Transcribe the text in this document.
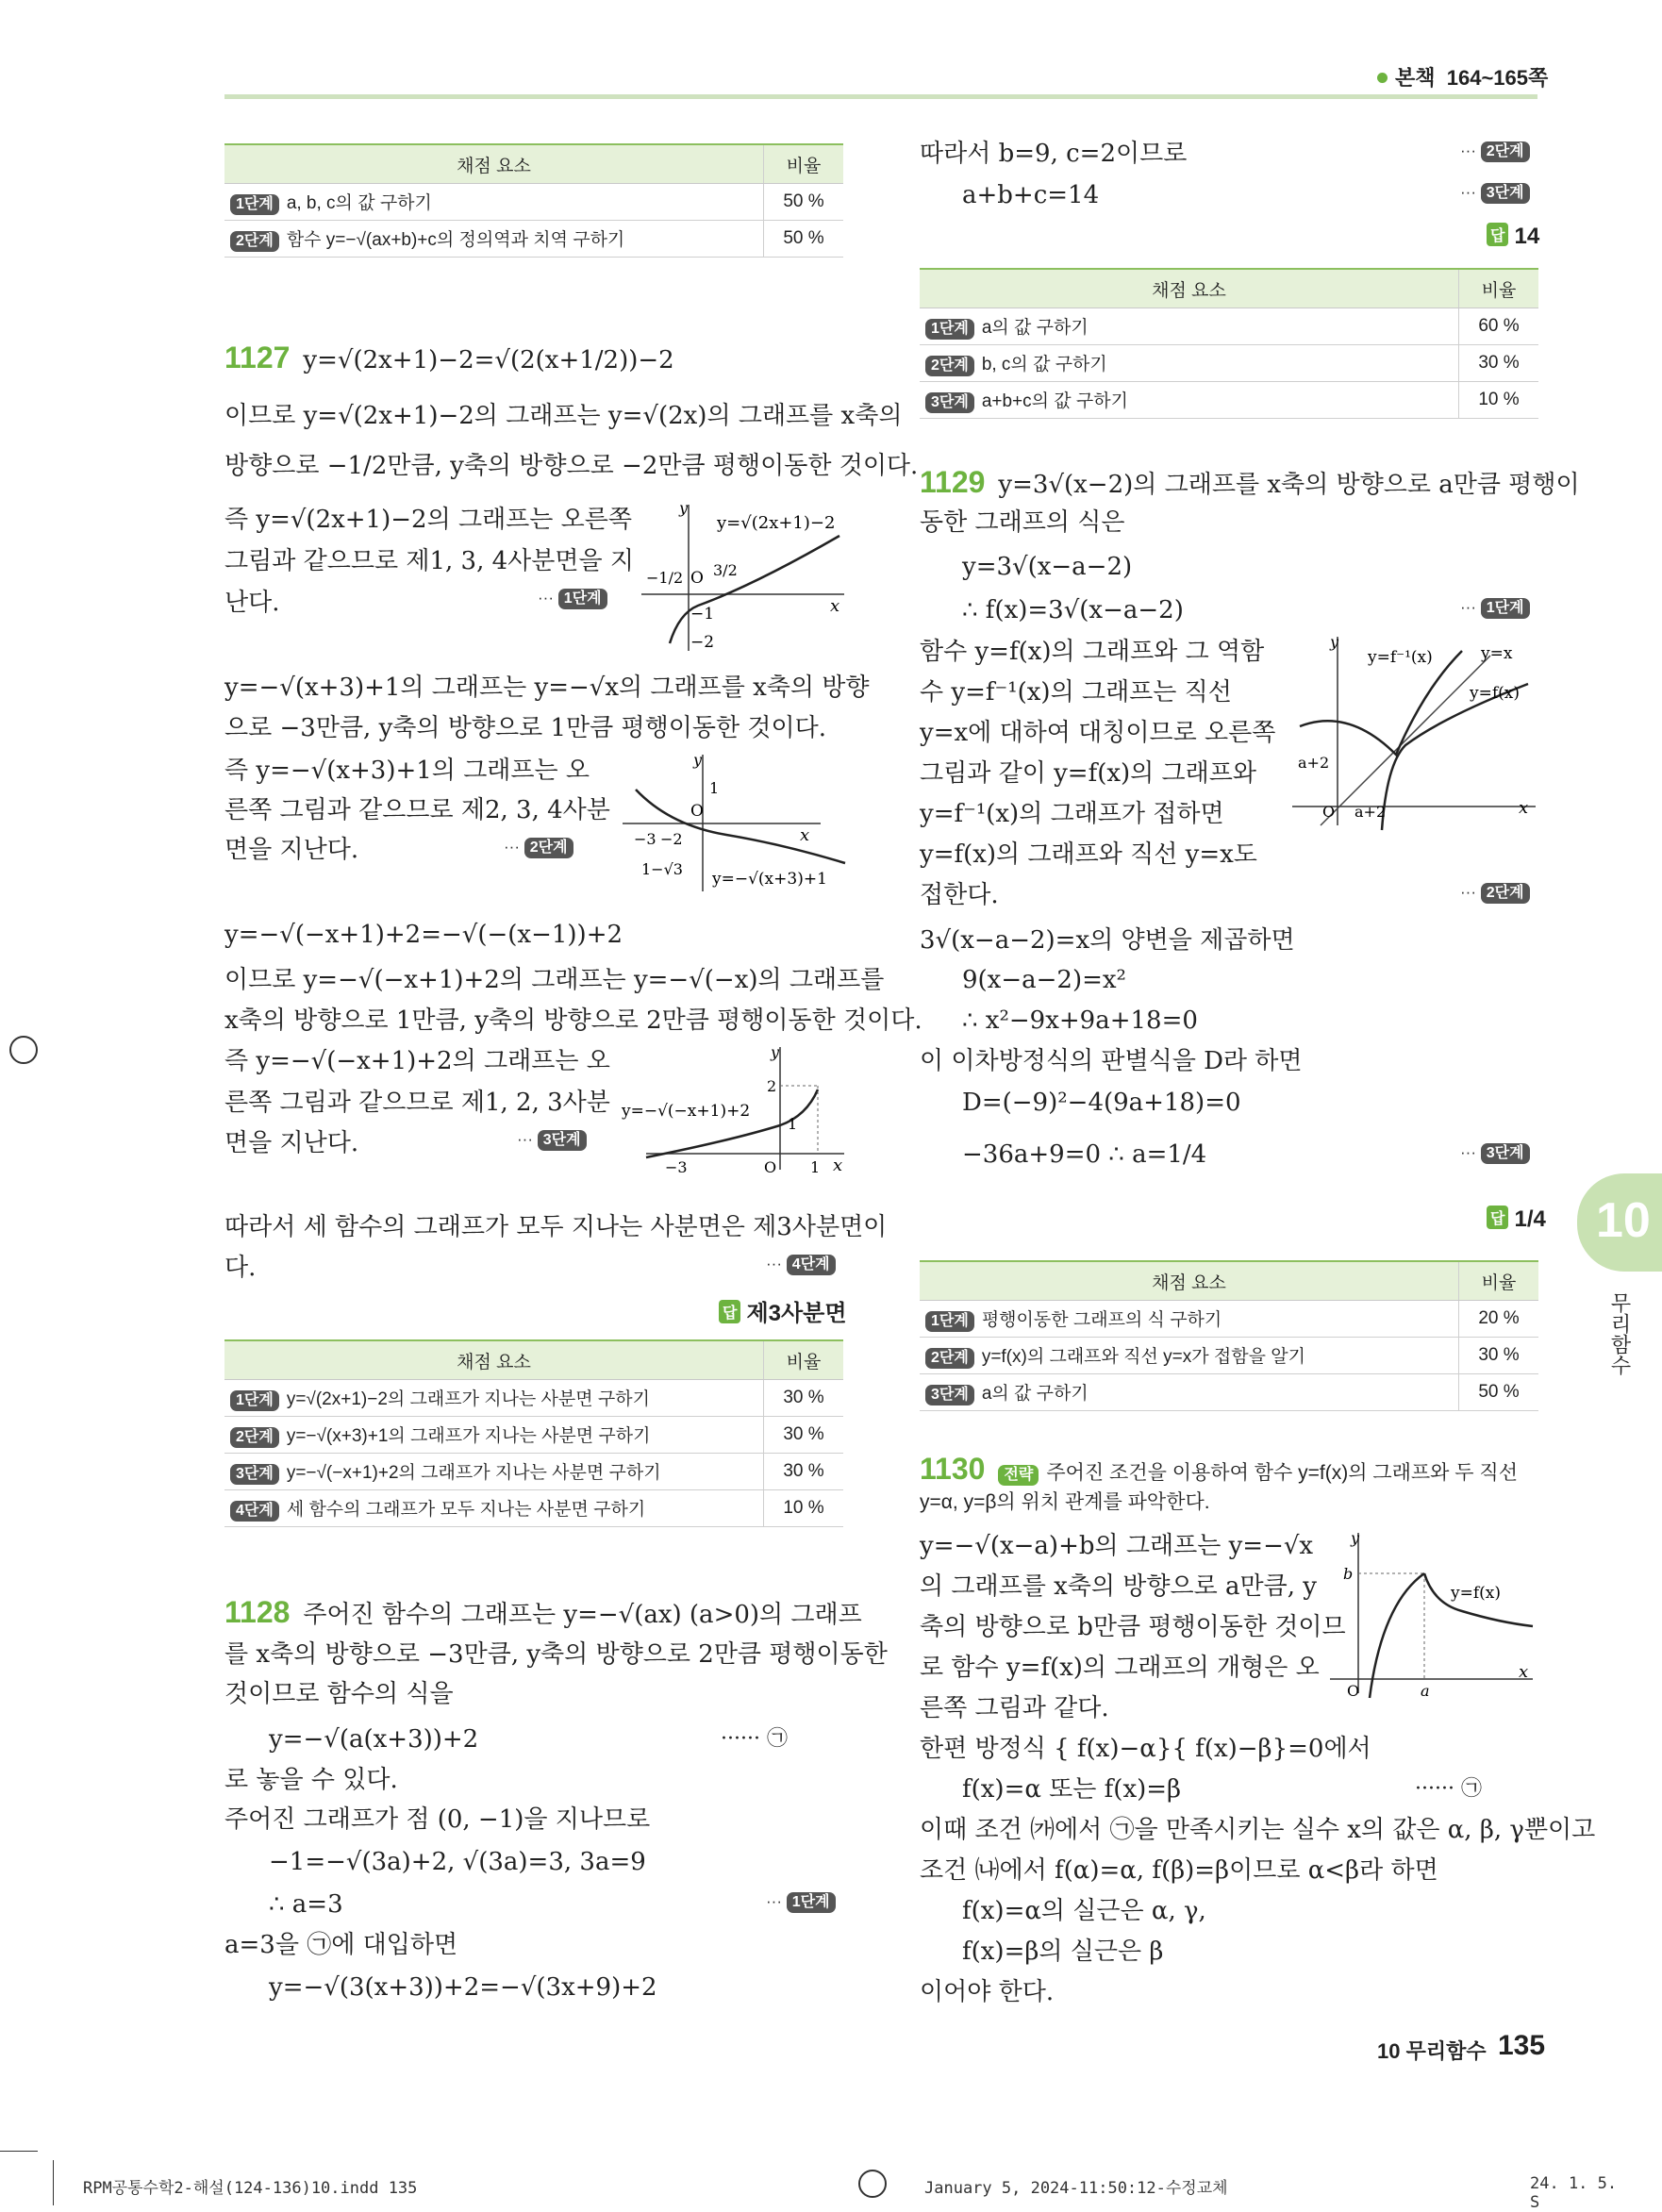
본책 164~165쪽
채점 요소	비율
1단계 a, b, c의 값 구하기	50 %
2단계 함수 y=−√(ax+b)+c의 정의역과 치역 구하기	50 %
1127 y=√(2x+1)−2=√(2(x+1/2))−2
이므로 y=√(2x+1)−2의 그래프는 y=√(2x)의 그래프를 x축의
방향으로 −1/2만큼, y축의 방향으로 −2만큼 평행이동한 것이다.
즉 y=√(2x+1)−2의 그래프는 오른쪽
그림과 같으므로 제1, 3, 4사분면을 지
난다.	··· 1단계
y
x
y=√(2x+1)−2
−1/2 O 3/2
−1
−2
y=−√(x+3)+1의 그래프는 y=−√x의 그래프를 x축의 방향
으로 −3만큼, y축의 방향으로 1만큼 평행이동한 것이다.
즉 y=−√(x+3)+1의 그래프는 오
른쪽 그림과 같으므로 제2, 3, 4사분
면을 지난다.	··· 2단계
y
x
1
O
−3 −2
1−√3
y=−√(x+3)+1
y=−√(−x+1)+2=−√(−(x−1))+2
이므로 y=−√(−x+1)+2의 그래프는 y=−√(−x)의 그래프를
x축의 방향으로 1만큼, y축의 방향으로 2만큼 평행이동한 것이다.
즉 y=−√(−x+1)+2의 그래프는 오
른쪽 그림과 같으므로 제1, 2, 3사분
면을 지난다.	··· 3단계
y
x
2
1
−3	O 1
y=−√(−x+1)+2
따라서 세 함수의 그래프가 모두 지나는 사분면은 제3사분면이
다.	··· 4단계
답 제3사분면
채점 요소	비율
1단계 y=√(2x+1)−2의 그래프가 지나는 사분면 구하기	30 %
2단계 y=−√(x+3)+1의 그래프가 지나는 사분면 구하기	30 %
3단계 y=−√(−x+1)+2의 그래프가 지나는 사분면 구하기	30 %
4단계 세 함수의 그래프가 모두 지나는 사분면 구하기	10 %
1128 주어진 함수의 그래프는 y=−√(ax) (a>0)의 그래프
를 x축의 방향으로 −3만큼, y축의 방향으로 2만큼 평행이동한
것이므로 함수의 식을
y=−√(a(x+3))+2	······ ㉠
로 놓을 수 있다.
주어진 그래프가 점 (0, −1)을 지나므로
−1=−√(3a)+2, √(3a)=3, 3a=9
∴ a=3	··· 1단계
a=3을 ㉠에 대입하면
y=−√(3(x+3))+2=−√(3x+9)+2
따라서 b=9, c=2이므로	··· 2단계
a+b+c=14	··· 3단계
답 14
채점 요소	비율
1단계 a의 값 구하기	60 %
2단계 b, c의 값 구하기	30 %
3단계 a+b+c의 값 구하기	10 %
1129 y=3√(x−2)의 그래프를 x축의 방향으로 a만큼 평행이
동한 그래프의 식은
y=3√(x−a−2)
∴ f(x)=3√(x−a−2)	··· 1단계
함수 y=f(x)의 그래프와 그 역함
수 y=f⁻¹(x)의 그래프는 직선
y=x에 대하여 대칭이므로 오른쪽
그림과 같이 y=f(x)의 그래프와
y=f⁻¹(x)의 그래프가 접하면
y=f(x)의 그래프와 직선 y=x도
접한다.	··· 2단계
y
x
y=f⁻¹(x)	y=x
y=f(x)
a+2
O a+2
3√(x−a−2)=x의 양변을 제곱하면
9(x−a−2)=x²
∴ x²−9x+9a+18=0
이 이차방정식의 판별식을 D라 하면
D=(−9)²−4(9a+18)=0
−36a+9=0 ∴ a=1/4	··· 3단계
답 1/4
채점 요소	비율
1단계 평행이동한 그래프의 식 구하기	20 %
2단계 y=f(x)의 그래프와 직선 y=x가 접함을 알기	30 %
3단계 a의 값 구하기	50 %
1130 전략 주어진 조건을 이용하여 함수 y=f(x)의 그래프와 두 직선
y=α, y=β의 위치 관계를 파악한다.
y=−√(x−a)+b의 그래프는 y=−√x
의 그래프를 x축의 방향으로 a만큼, y
축의 방향으로 b만큼 평행이동한 것이므
로 함수 y=f(x)의 그래프의 개형은 오
른쪽 그림과 같다.
y
x
b
a
O
y=f(x)
한편 방정식 { f(x)−α}{ f(x)−β}=0에서
f(x)=α 또는 f(x)=β	······ ㉠
이때 조건 ㈎에서 ㉠을 만족시키는 실수 x의 값은 α, β, γ뿐이고
조건 ㈏에서 f(α)=α, f(β)=β이므로 α<β라 하면
f(x)=α의 실근은 α, γ,
f(x)=β의 실근은 β
이어야 한다.
10
무리함수
10 무리함수 135
RPM공통수학2-해설(124-136)10.indd 135	January 5, 2024-11:50:12-수정교체	24. 1. 5. S
